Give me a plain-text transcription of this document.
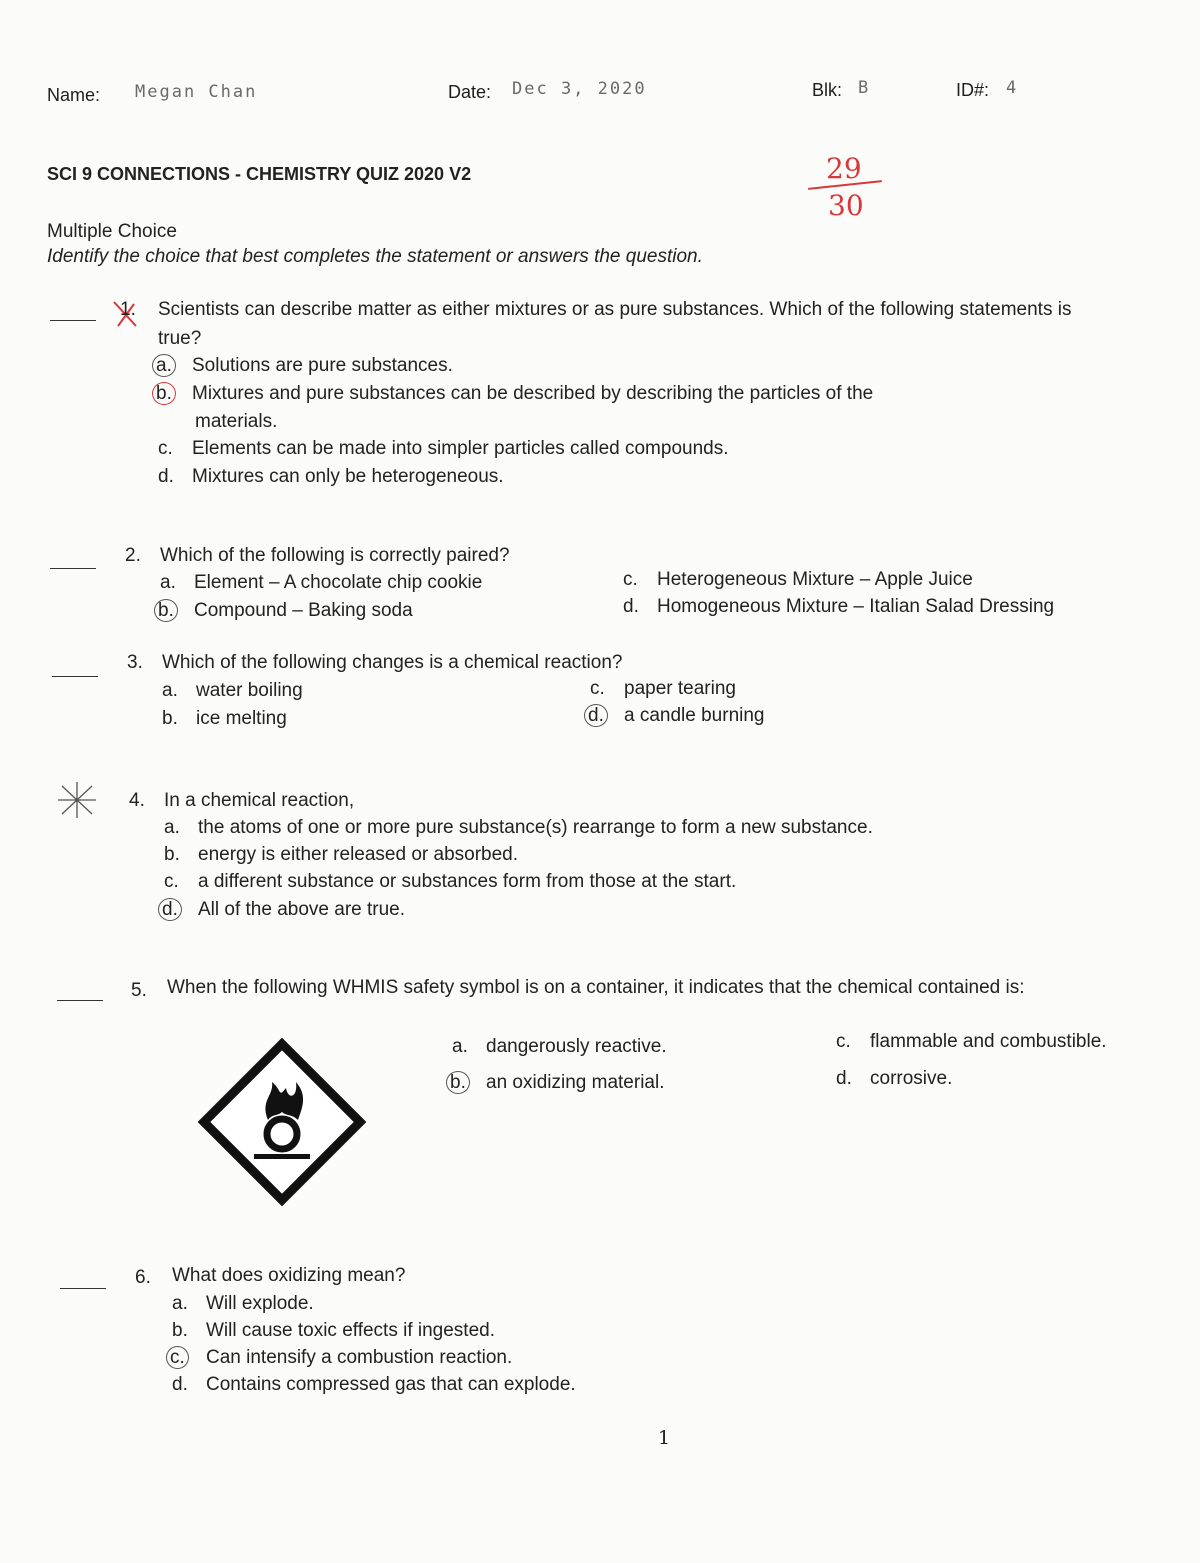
Name: Megan Chan	Date: Dec 3, 2020	Blk: B	ID#: 4
SCI 9 CONNECTIONS - CHEMISTRY QUIZ 2020 V2	29
30
Multiple Choice
Identify the choice that best completes the statement or answers the question.
1. Scientists can describe matter as either mixtures or as pure substances. Which of the following statements is
true?
a. Solutions are pure substances.
b. Mixtures and pure substances can be described by describing the particles of the
materials.
c. Elements can be made into simpler particles called compounds.
d. Mixtures can only be heterogeneous.
2. Which of the following is correctly paired?
a. Element – A chocolate chip cookie
b. Compound – Baking soda
c. Heterogeneous Mixture – Apple Juice
d. Homogeneous Mixture – Italian Salad Dressing
3. Which of the following changes is a chemical reaction?
a. water boiling
b. ice melting
c. paper tearing
d. a candle burning
4. In a chemical reaction,
a. the atoms of one or more pure substance(s) rearrange to form a new substance.
b. energy is either released or absorbed.
c. a different substance or substances form from those at the start.
d. All of the above are true.
5. When the following WHMIS safety symbol is on a container, it indicates that the chemical contained is:
a. dangerously reactive.
b. an oxidizing material.
c. flammable and combustible.
d. corrosive.
6. What does oxidizing mean?
a. Will explode.
b. Will cause toxic effects if ingested.
c. Can intensify a combustion reaction.
d. Contains compressed gas that can explode.
1
